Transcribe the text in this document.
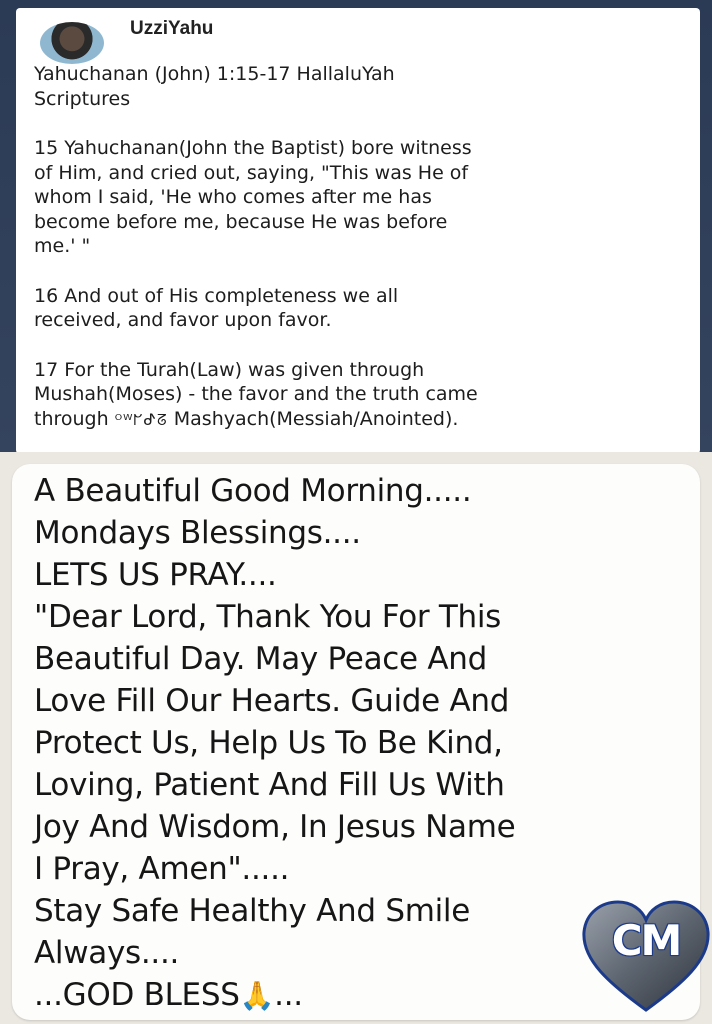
UzziYahu

Yahuchanan (John) 1:15-17 HallaluYah
Scriptures

15 Yahuchanan(John the Baptist) bore witness
of Him, and cried out, saying, "This was He of
whom I said, 'He who comes after me has
become before me, because He was before
me.' "

16 And out of His completeness we all
received, and favor upon favor.

17 For the Turah(Law) was given through
Mushah(Moses) - the favor and the truth came
through ᴼᵂᖸᕷᘔ Mashyach(Messiah/Anointed).

A Beautiful Good Morning.....
Mondays Blessings....
LETS US PRAY....
"Dear Lord, Thank You For This
Beautiful Day. May Peace And
Love Fill Our Hearts. Guide And
Protect Us, Help Us To Be Kind,
Loving, Patient And Fill Us With
Joy And Wisdom, In Jesus Name
I Pray, Amen".....
Stay Safe Healthy And Smile
Always....
...GOD BLESS🙏...
CM
